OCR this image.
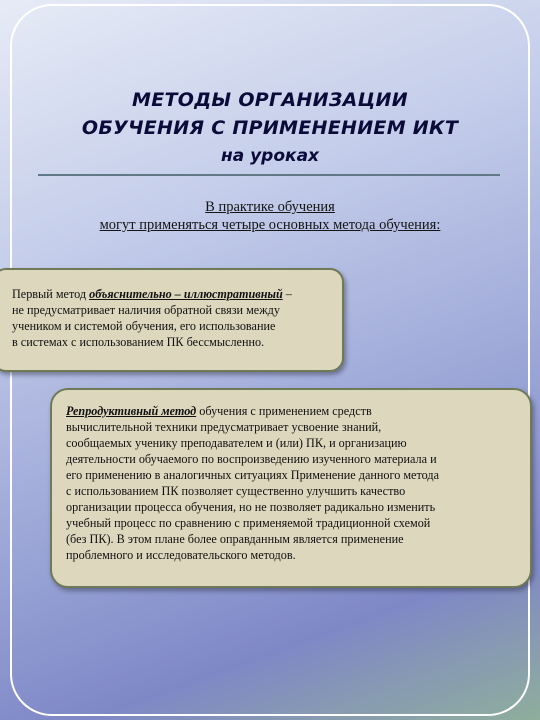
МЕТОДЫ ОРГАНИЗАЦИИ
ОБУЧЕНИЯ С ПРИМЕНЕНИЕМ ИКТ
на уроках
В практике обучения
могут применяться четыре основных метода обучения:
Первый метод объяснительно – иллюстративный –
не предусматривает наличия обратной связи между
учеником и системой обучения, его использование
в системах с использованием ПК бессмысленно.
Репродуктивный метод обучения с применением средств
вычислительной техники предусматривает усвоение знаний,
сообщаемых ученику преподавателем и (или) ПК, и организацию
деятельности обучаемого по воспроизведению изученного материала и
его применению в аналогичных ситуациях Применение данного метода
с использованием ПК позволяет существенно улучшить качество
организации процесса обучения, но не позволяет радикально изменить
учебный процесс по сравнению с применяемой традиционной схемой
(без ПК). В этом плане более оправданным является применение
проблемного и исследовательского методов.
